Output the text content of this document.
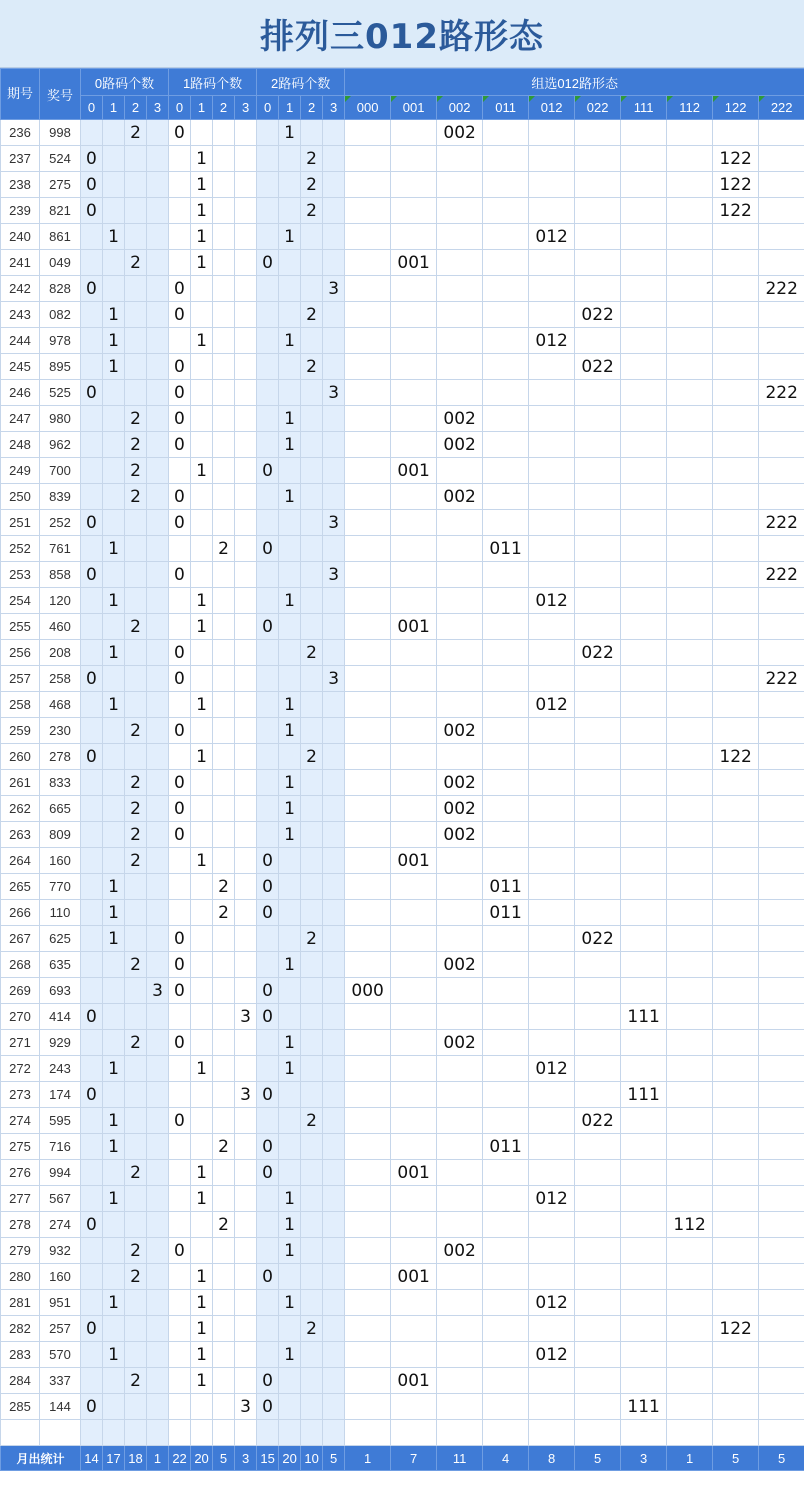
排列三012路形态
期号	奖号	0路码个数				1路码个数				2路码个数				组选012路形态									
		0	1	2	3	0	1	2	3	0	1	2	3	000	001	002	011	012	022	111	112	122	222
236	998			2		0					1					002							
237	524	0					1					2										122	
238	275	0					1					2										122	
239	821	0					1					2										122	
240	861		1				1				1							012					
241	049			2			1			0					001								
242	828	0				0							3										222
243	082		1			0						2							022				
244	978		1				1				1							012					
245	895		1			0						2							022				
246	525	0				0							3										222
247	980			2		0					1					002							
248	962			2		0					1					002							
249	700			2			1			0					001								
250	839			2		0					1					002							
251	252	0				0							3										222
252	761		1					2		0							011						
253	858	0				0							3										222
254	120		1				1				1							012					
255	460			2			1			0					001								
256	208		1			0						2							022				
257	258	0				0							3										222
258	468		1				1				1							012					
259	230			2		0					1					002							
260	278	0					1					2										122	
261	833			2		0					1					002							
262	665			2		0					1					002							
263	809			2		0					1					002							
264	160			2			1			0					001								
265	770		1					2		0							011						
266	110		1					2		0							011						
267	625		1			0						2							022				
268	635			2		0					1					002							
269	693				3	0				0				000									
270	414	0							3	0										111			
271	929			2		0					1					002							
272	243		1				1				1							012					
273	174	0							3	0										111			
274	595		1			0						2							022				
275	716		1					2		0							011						
276	994			2			1			0					001								
277	567		1				1				1							012					
278	274	0						2			1										112		
279	932			2		0					1					002							
280	160			2			1			0					001								
281	951		1				1				1							012					
282	257	0					1					2										122	
283	570		1				1				1							012					
284	337			2			1			0					001								
285	144	0							3	0										111			

月出统计		14	17	18	1	22	20	5	3	15	20	10	5	1	7	11	4	8	5	3	1	5	5
